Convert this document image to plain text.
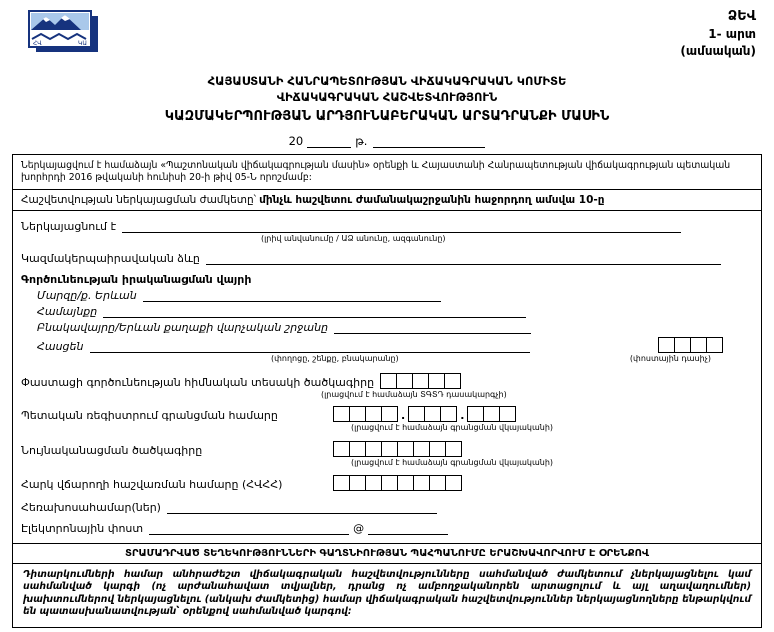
ՀՎ	ԿԱ
ՁԵՎ
1- արտ
(ամսական)
ՀԱՅԱՍՏԱՆԻ ՀԱՆՐԱՊԵՏՈՒԹՅԱՆ ՎԻՃԱԿԱԳՐԱԿԱՆ ԿՈՄԻՏԵ
ՎԻՃԱԿԱԳՐԱԿԱՆ ՀԱՇՎԵՏՎՈՒԹՅՈՒՆ
ԿԱԶՄԱԿԵՐՊՈՒԹՅԱՆ ԱՐԴՅՈՒՆԱԲԵՐԱԿԱՆ ԱՐՏԱԴՐԱՆՔԻ ՄԱՍԻՆ
20	թ.
Ներկայացվում է համաձայն «Պաշտոնական վիճակագրության մասին» օրենքի և Հայաստանի Հանրապետության վիճակագրության պետական խորհրդի 2016 թվականի հունիսի 20-ի թիվ 05-Ն որոշմամբ:
Հաշվետվության ներկայացման ժամկետը՝ մինչև հաշվետու ժամանակաշրջանին հաջորդող ամսվա 10-ը
Ներկայացնում է
(լրիվ անվանումը / ԱՁ անունը, ազգանունը)
Կազմակերպաիրավական ձևը
Գործունեության իրականացման վայրի
Մարզը/ք. Երևան
Համայնքը
Բնակավայրը/Երևան քաղաքի վարչական շրջանը
Հասցեն
(փողոցը, շենքը, բնակարանը)	(փոստային դասիչ)
Փաստացի գործունեության հիմնական տեսակի ծածկագիրը
(լրացվում է համաձայն ՏԳՏԴ դասակարգչի)
Պետական ռեգիստրում գրանցման համարը	.	.
(լրացվում է համաձայն գրանցման վկայականի)
Նույնականացման ծածկագիրը
(լրացվում է համաձայն գրանցման վկայականի)
Հարկ վճարողի հաշվառման համարը (ՀՎՀՀ)
Հեռախոսահամար(ներ)
Էլեկտրոնային փոստ	@
ՏՐԱՄԱԴՐՎԱԾ ՏԵՂԵԿՈՒԹՅՈՒՆՆԵՐԻ ԳԱՂՏՆԻՈՒԹՅԱՆ ՊԱՀՊԱՆՈՒՄԸ ԵՐԱՇԽԱՎՈՐՎՈՒՄ Է ՕՐԵՆՔՈՎ
Դիտարկումների համար անհրաժեշտ վիճակագրական հաշվետվությունները սահմանված ժամկետում չներկայացնելու կամ սահմանված կարգի (ոչ արժանահավատ տվյալներ, դրանց ոչ ամբողջականորեն արտացոլում և այլ աղավաղումներ) խախտումներով ներկայացնելու (անկախ ժամկետից) համար վիճակագրական հաշվետվություններ ներկայացնողները ենթարկվում են պատասխանատվության՝ օրենքով սահմանված կարգով:
